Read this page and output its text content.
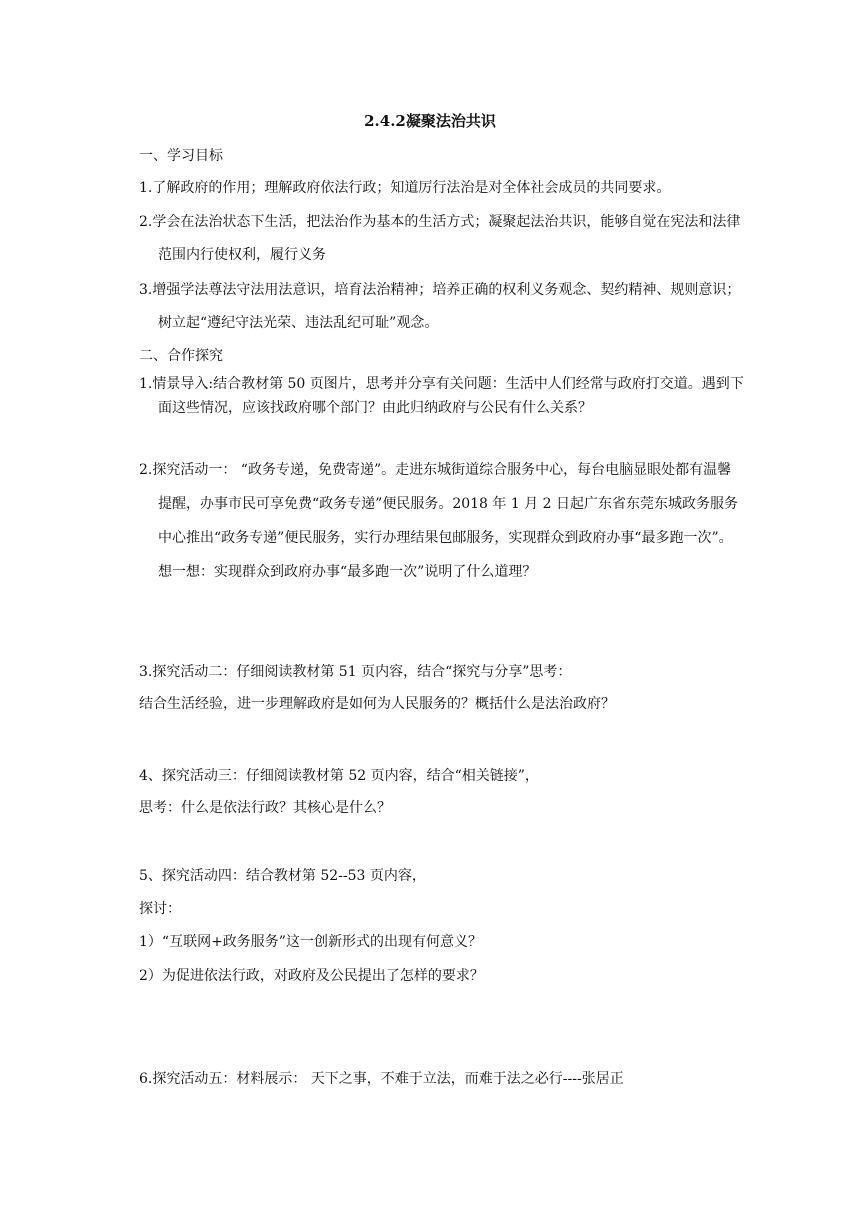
2.4.2凝聚法治共识
一、学习目标
1.了解政府的作用；理解政府依法行政；知道厉行法治是对全体社会成员的共同要求。
2.学会在法治状态下生活，把法治作为基本的生活方式；凝聚起法治共识，能够自觉在宪法和法律
范围内行使权利，履行义务
3.增强学法尊法守法用法意识，培育法治精神；培养正确的权利义务观念、契约精神、规则意识；
树立起“遵纪守法光荣、违法乱纪可耻”观念。
二、合作探究
1.情景导入:结合教材第 50 页图片，思考并分享有关问题：生活中人们经常与政府打交道。遇到下
面这些情况，应该找政府哪个部门？由此归纳政府与公民有什么关系？
2.探究活动一： “政务专递，免费寄递”。走进东城街道综合服务中心，每台电脑显眼处都有温馨
提醒，办事市民可享免费“政务专递”便民服务。2018 年 1 月 2 日起广东省东莞东城政务服务
中心推出“政务专递”便民服务，实行办理结果包邮服务，实现群众到政府办事“最多跑一次”。
想一想：实现群众到政府办事“最多跑一次”说明了什么道理？
3.探究活动二：仔细阅读教材第 51 页内容，结合“探究与分享”思考：
结合生活经验，进一步理解政府是如何为人民服务的？概括什么是法治政府？
4、探究活动三：仔细阅读教材第 52 页内容，结合“相关链接”，
思考：什么是依法行政？其核心是什么？
5、探究活动四：结合教材第 52--53 页内容，
探讨：
1）“互联网+政务服务”这一创新形式的出现有何意义？
2）为促进依法行政，对政府及公民提出了怎样的要求？
6.探究活动五：材料展示： 天下之事，不难于立法，而难于法之必行----张居正
